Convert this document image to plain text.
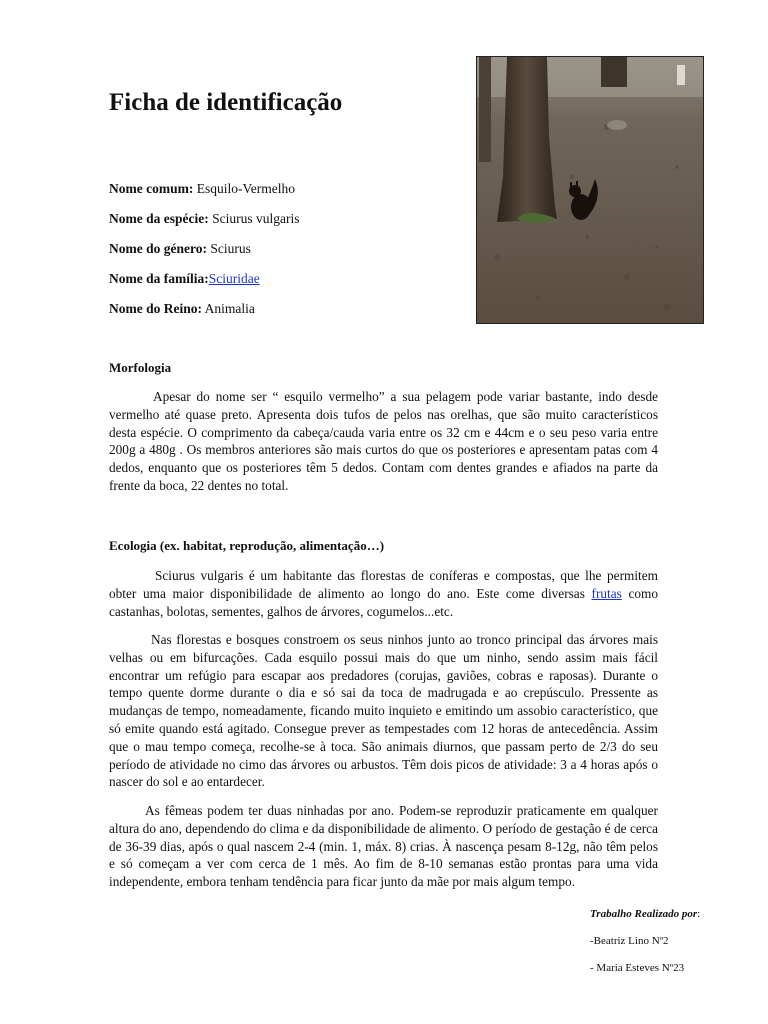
Ficha de identificação
Nome comum: Esquilo-Vermelho
Nome da espécie: Sciurus vulgaris
Nome do género: Sciurus
Nome da família:Sciuridae
Nome do Reino: Animalia
Morfologia

Apesar do nome ser “ esquilo vermelho” a sua pelagem pode variar bastante, indo desde vermelho até quase preto. Apresenta dois tufos de pelos nas orelhas, que são muito característicos desta espécie. O comprimento da cabeça/cauda varia entre os 32 cm e 44cm e o seu peso varia entre 200g a 480g . Os membros anteriores são mais curtos do que os posteriores e apresentam patas com 4 dedos, enquanto que os posteriores têm 5 dedos. Contam com dentes grandes e afiados na parte da frente da boca, 22 dentes no total.

Ecologia (ex. habitat, reprodução, alimentação…)

Sciurus vulgaris é um habitante das florestas de coníferas e compostas, que lhe permitem obter uma maior disponibilidade de alimento ao longo do ano. Este come diversas frutas como castanhas, bolotas, sementes, galhos de árvores, cogumelos...etc.

Nas florestas e bosques constroem os seus ninhos junto ao tronco principal das árvores mais velhas ou em bifurcações. Cada esquilo possui mais do que um ninho, sendo assim mais fácil encontrar um refúgio para escapar aos predadores (corujas, gaviões, cobras e raposas). Durante o tempo quente dorme durante o dia e só sai da toca de madrugada e ao crepúsculo. Pressente as mudanças de tempo, nomeadamente, ficando muito inquieto e emitindo um assobio característico, que só emite quando está agitado. Consegue prever as tempestades com 12 horas de antecedência. Assim que o mau tempo começa, recolhe-se à toca. São animais diurnos, que passam perto de 2/3 do seu período de atividade no cimo das árvores ou arbustos. Têm dois picos de atividade: 3 a 4 horas após o nascer do sol e ao entardecer.

As fêmeas podem ter duas ninhadas por ano. Podem-se reproduzir praticamente em qualquer altura do ano, dependendo do clima e da disponibilidade de alimento. O período de gestação é de cerca de 36-39 dias, após o qual nascem 2-4 (min. 1, máx. 8) crias. À nascença pesam 8-12g, não têm pelos e só começam a ver com cerca de 1 mês. Ao fim de 8-10 semanas estão prontas para uma vida independente, embora tenham tendência para ficar junto da mãe por mais algum tempo.

Trabalho Realizado por:
-Beatriz Lino Nº2
- Maria Esteves Nº23
